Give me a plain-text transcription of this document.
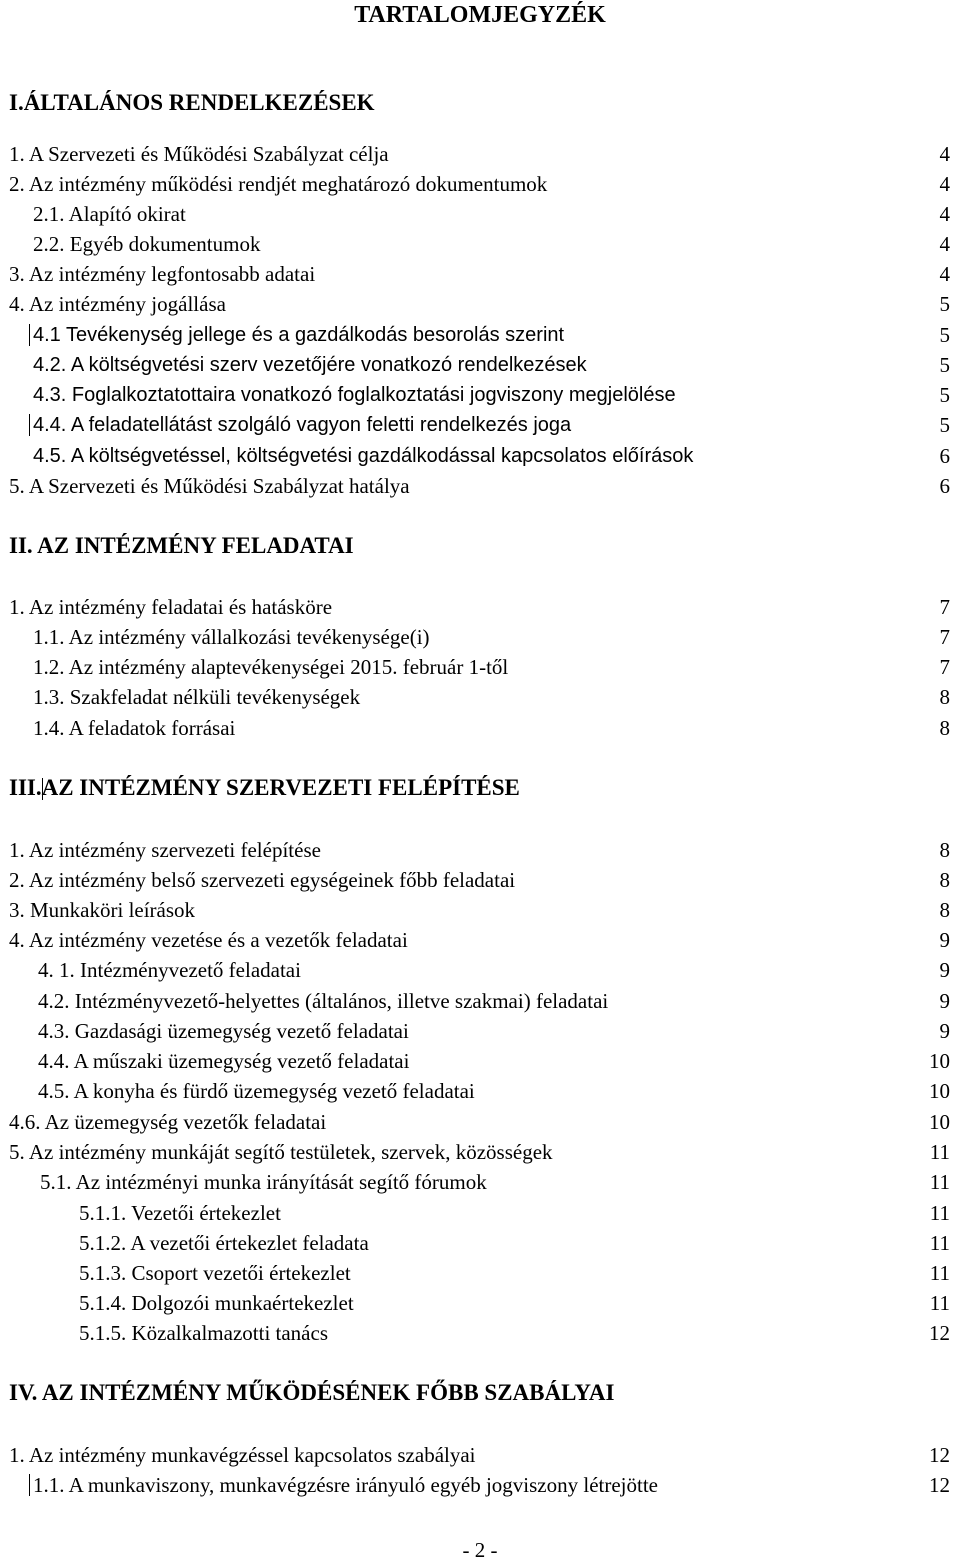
TARTALOMJEGYZÉK
I.ÁLTALÁNOS RENDELKEZÉSEK
1. A Szervezeti és Működési Szabályzat célja	4
2. Az intézmény működési rendjét meghatározó dokumentumok	4
2.1. Alapító okirat	4
2.2. Egyéb dokumentumok	4
3. Az intézmény legfontosabb adatai	4
4. Az intézmény jogállása	5
4.1 Tevékenység jellege és a gazdálkodás besorolás szerint	5
4.2. A költségvetési szerv vezetőjére vonatkozó rendelkezések	5
4.3. Foglalkoztatottaira vonatkozó foglalkoztatási jogviszony megjelölése	5
4.4. A feladatellátást szolgáló vagyon feletti rendelkezés joga	5
4.5. A költségvetéssel, költségvetési gazdálkodással kapcsolatos előírások	6
5. A Szervezeti és Működési Szabályzat hatálya	6
II. AZ INTÉZMÉNY FELADATAI
1. Az intézmény feladatai és hatásköre	7
1.1. Az intézmény vállalkozási tevékenysége(i)	7
1.2. Az intézmény alaptevékenységei 2015. február 1-től	7
1.3. Szakfeladat nélküli tevékenységek	8
1.4. A feladatok forrásai	8
III.AZ INTÉZMÉNY SZERVEZETI FELÉPÍTÉSE
1. Az intézmény szervezeti felépítése	8
2. Az intézmény belső szervezeti egységeinek főbb feladatai	8
3. Munkaköri leírások	8
4. Az intézmény vezetése és a vezetők feladatai	9
4. 1. Intézményvezető feladatai	9
4.2. Intézményvezető-helyettes (általános, illetve szakmai) feladatai	9
4.3. Gazdasági üzemegység vezető feladatai	9
4.4. A műszaki üzemegység vezető feladatai	10
4.5. A konyha és fürdő üzemegység vezető feladatai	10
4.6. Az üzemegység vezetők feladatai	10
5. Az intézmény munkáját segítő testületek, szervek, közösségek	11
5.1. Az intézményi munka irányítását segítő fórumok	11
5.1.1. Vezetői értekezlet	11
5.1.2. A vezetői értekezlet feladata	11
5.1.3. Csoport vezetői értekezlet	11
5.1.4. Dolgozói munkaértekezlet	11
5.1.5. Közalkalmazotti tanács	12
IV. AZ INTÉZMÉNY MŰKÖDÉSÉNEK FŐBB SZABÁLYAI
1. Az intézmény munkavégzéssel kapcsolatos szabályai	12
1.1. A munkaviszony, munkavégzésre irányuló egyéb jogviszony létrejötte	12
- 2 -
